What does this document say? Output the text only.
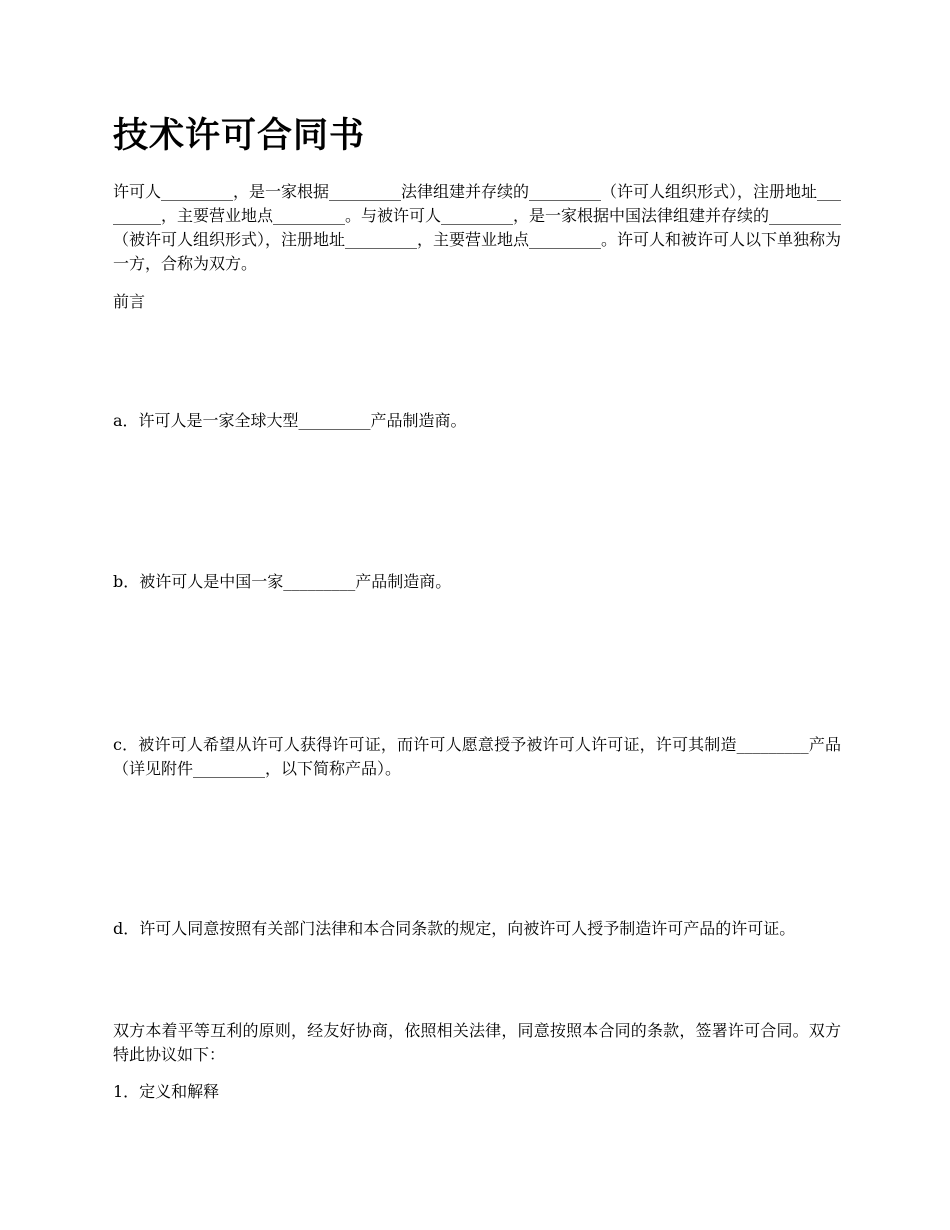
技术许可合同书

许可人_________，是一家根据_________法律组建并存续的_________（许可人组织形式），注册地址_________，主要营业地点_________。与被许可人_________，是一家根据中国法律组建并存续的_________（被许可人组织形式），注册地址_________，主要营业地点_________。许可人和被许可人以下单独称为一方，合称为双方。

前言

a．许可人是一家全球大型_________产品制造商。

b．被许可人是中国一家_________产品制造商。

c．被许可人希望从许可人获得许可证，而许可人愿意授予被许可人许可证，许可其制造_________产品（详见附件_________，以下简称产品）。

d．许可人同意按照有关部门法律和本合同条款的规定，向被许可人授予制造许可产品的许可证。

双方本着平等互利的原则，经友好协商，依照相关法律，同意按照本合同的条款，签署许可合同。双方特此协议如下：

1．定义和解释
